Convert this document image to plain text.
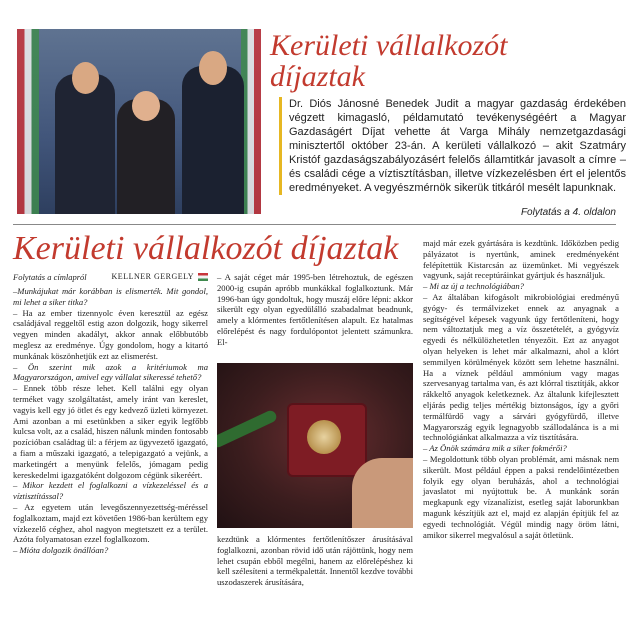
Kerületi vállalkozót
díjaztak
Dr. Diós Jánosné Benedek Judit a magyar gazdaság érdekében végzett kimagasló, példamutató tevékenységéért a Magyar Gazdaságért Díjat vehette át Varga Mihály nemzetgazdasági minisztertől október 23-án. A kerületi vállalkozó – akit Szatmáry Kristóf gazdaságszabályozásért felelős államtitkár javasolt a címre – és családi cége a víztisztításban, illetve vízkezelésben ért el jelentős eredményeket. A vegyészmérnök sikerük titkáról mesélt lapunknak.
Folytatás a 4. oldalon
Kerületi vállalkozót díjaztak
Folytatás a címlapról	KELLNER GERGELY

–Munkájukat már korábban is elismerték. Mit gondol, mi lehet a siker titka?

– Ha az ember tizennyolc éven keresztül az egész családjával reggeltől estig azon dolgozik, hogy sikerrel vegyen minden akadályt, akkor annak előbbutóbb meglesz az eredménye. Úgy gondolom, hogy a kitartó munkának köszönhetjük ezt az elismerést.

– Ön szerint mik azok a kritériumok ma Magyarországon, amivel egy vállalat sikeressé tehető?

– Ennek több része lehet. Kell találni egy olyan terméket vagy szolgáltatást, amely iránt van kereslet, vagyis kell egy jó ötlet és egy kedvező üzleti környezet. Ami azonban a mi esetünkben a siker egyik legfőbb kulcsa volt, az a család, hiszen nálunk minden fontosabb pozícióban családtag ül: a férjem az ügyvezető igazgató, a fiam a műszaki igazgató, a telepigazgató a vejünk, a marketingért a menyünk felelős, jómagam pedig kereskedelmi igazgatóként dolgozom cégünk sikeréért.

– Mikor kezdett el foglalkozni a vízkezeléssel és a víztisztítással?

– Az egyetem után levegőszennyezettség-méréssel foglalkoztam, majd ezt követően 1986-ban kerültem egy vízkezelő céghez, ahol nagyon megtetszett ez a terület. Azóta folyamatosan ezzel foglalkozom.

– Mióta dolgozik önállóan?

– A saját céget már 1995-ben létrehoztuk, de egészen 2000-ig csupán apróbb munkákkal foglalkoztunk. Már 1996-ban úgy gondoltuk, hogy muszáj előre lépni: akkor sikerült egy olyan egyedülálló szabadalmat beadnunk, amely a klórmentes fertőtlenítésen alapult. Ez hatalmas előrelépést és nagy fordulópontot jelentett számunkra. El-
kezdtünk a klórmentes fertőtlenítőszer árusításával foglalkozni, azonban rövid idő után rájöttünk, hogy nem lehet csupán ebből megélni, hanem az előrelépéshez ki kell szélesíteni a termékpalettát. Innentől kezdve további uszodaszerek árusítására,

majd már ezek gyártására is kezdtünk. Időközben pedig pályázatot is nyertünk, aminek eredményeként felépítettük Kistarcsán az üzemünket. Mi vegyészek vagyunk, saját receptúráinkat gyártjuk és használjuk.

– Mi az új a technológiában?

– Az általában kifogásolt mikrobiológiai eredményű gyógy- és termálvizeket ennek az anyagnak a segítségével képesek vagyunk úgy fertőtleníteni, hogy nem változtatjuk meg a víz összetételét, a gyógyvíz egyedi és nélkülözhetetlen tényezőit. Ezt az anyagot olyan helyeken is lehet már alkalmazni, ahol a klórt semmilyen körülmények között sem lehetne használni. Ha a víznek például ammónium vagy magas szervesanyag tartalma van, és azt klórral tisztítják, akkor rákkeltő anyagok keletkeznek. Az általunk kifejlesztett eljárás pedig teljes mértékig biztonságos, így a győri termálfürdő vagy a sárvári gyógyfürdő, illetve Magyarország egyik legnagyobb szállodalánca is a mi technológiánkat alkalmazza a víz tisztítására.

– Az Önök számára mik a siker fokmérői?

– Megoldottunk több olyan problémát, ami másnak nem sikerült. Most például éppen a paksi rendelőintézetben folyik egy olyan beruházás, ahol a technológiai javaslatot mi nyújtottuk be. A munkánk során megkapunk egy vízanalízist, esetleg saját laborunkban magunk készítjük azt el, majd ez alapján építjük fel az egyedi technológiát. Végül mindig nagy öröm látni, amikor sikerrel megvalósul a saját ötletünk.
